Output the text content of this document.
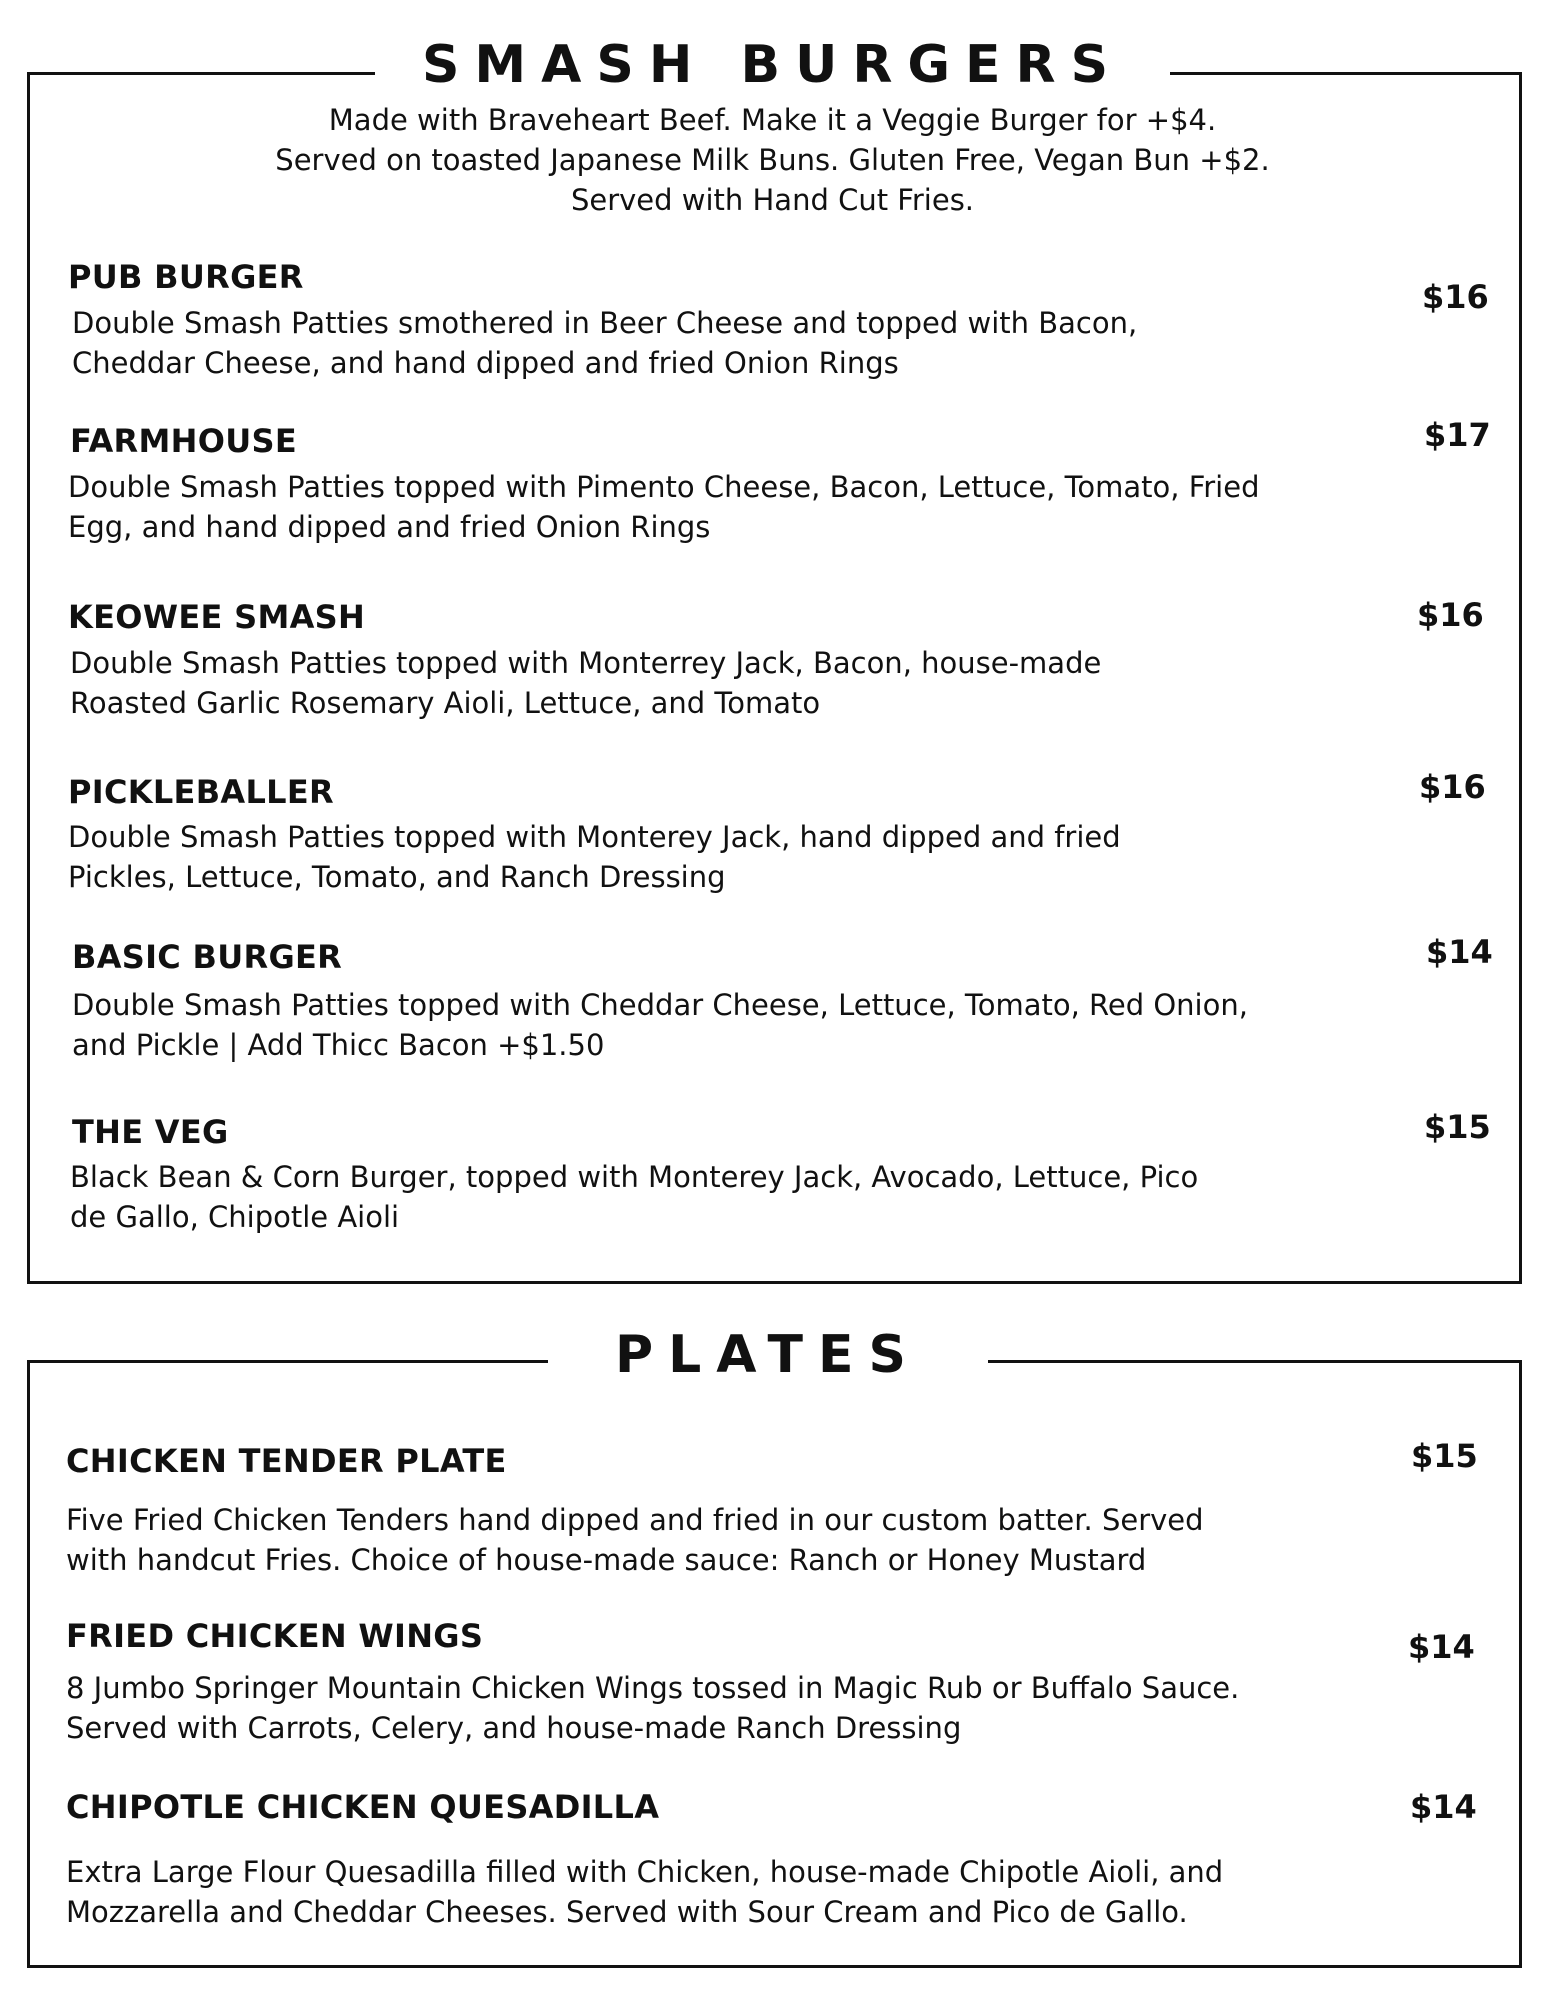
SMASH BURGERS
Made with Braveheart Beef. Make it a Veggie Burger for +$4.
Served on toasted Japanese Milk Buns. Gluten Free, Vegan Bun +$2.
Served with Hand Cut Fries.
PUB BURGER
$16
Double Smash Patties smothered in Beer Cheese and topped with Bacon,
Cheddar Cheese, and hand dipped and fried Onion Rings
FARMHOUSE	$17
Double Smash Patties topped with Pimento Cheese, Bacon, Lettuce, Tomato, Fried
Egg, and hand dipped and fried Onion Rings
KEOWEE SMASH	$16
Double Smash Patties topped with Monterrey Jack, Bacon, house-made
Roasted Garlic Rosemary Aioli, Lettuce, and Tomato
PICKLEBALLER	$16
Double Smash Patties topped with Monterey Jack, hand dipped and fried
Pickles, Lettuce, Tomato, and Ranch Dressing
BASIC BURGER	$14
Double Smash Patties topped with Cheddar Cheese, Lettuce, Tomato, Red Onion,
and Pickle | Add Thicc Bacon +$1.50
THE VEG	$15
Black Bean & Corn Burger, topped with Monterey Jack, Avocado, Lettuce, Pico
de Gallo, Chipotle Aioli
PLATES
CHICKEN TENDER PLATE	$15
Five Fried Chicken Tenders hand dipped and fried in our custom batter. Served
with handcut Fries. Choice of house-made sauce: Ranch or Honey Mustard
FRIED CHICKEN WINGS	$14
8 Jumbo Springer Mountain Chicken Wings tossed in Magic Rub or Buffalo Sauce.
Served with Carrots, Celery, and house-made Ranch Dressing
CHIPOTLE CHICKEN QUESADILLA	$14
Extra Large Flour Quesadilla filled with Chicken, house-made Chipotle Aioli, and
Mozzarella and Cheddar Cheeses. Served with Sour Cream and Pico de Gallo.
